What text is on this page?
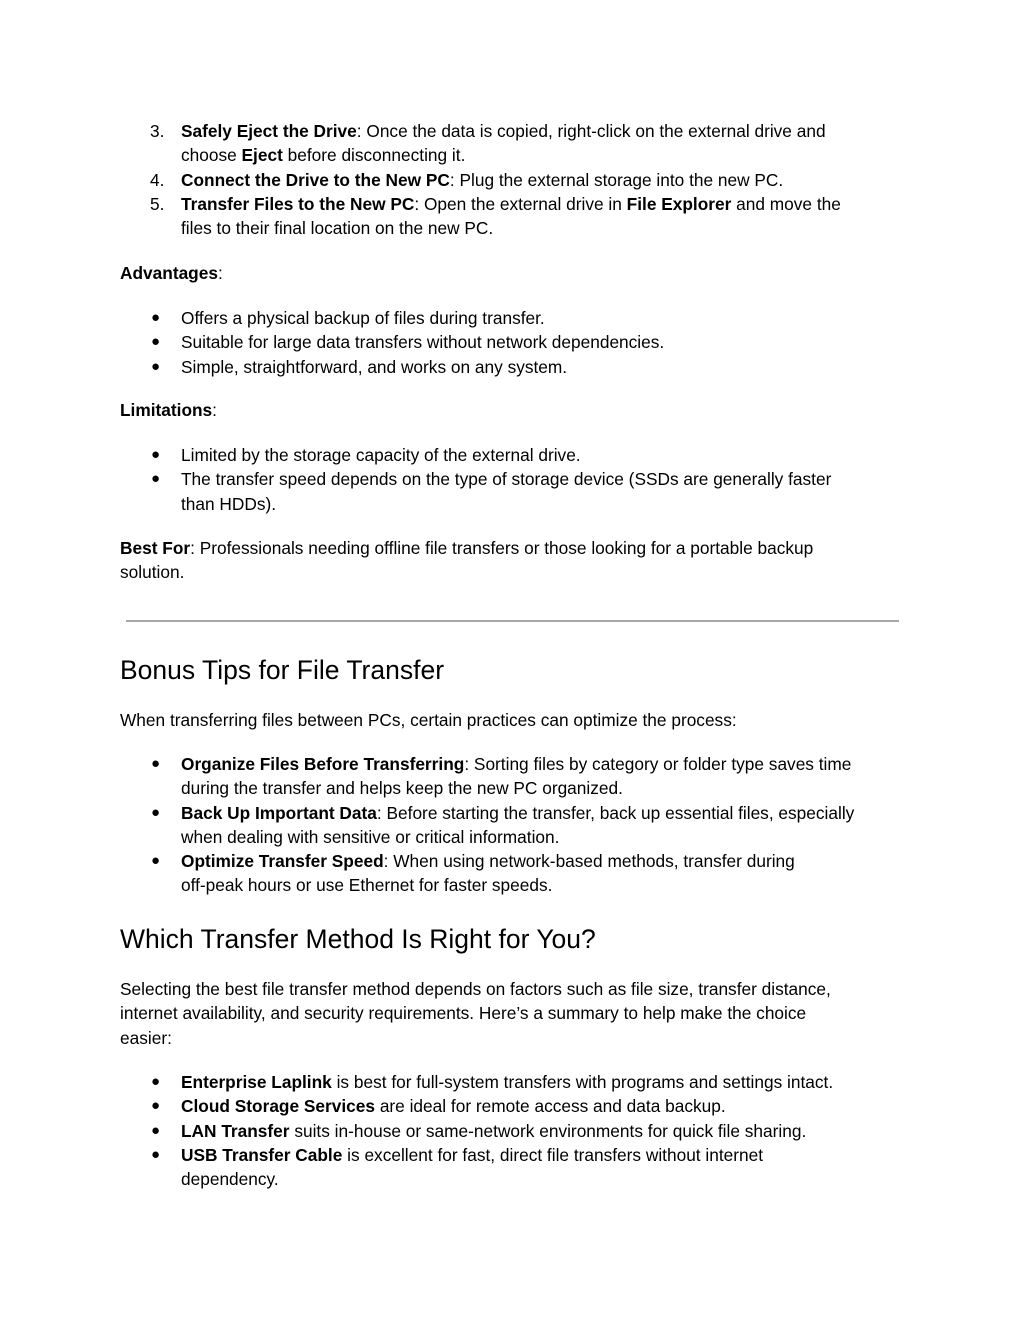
3. Safely Eject the Drive: Once the data is copied, right-click on the external drive and
choose Eject before disconnecting it.
4. Connect the Drive to the New PC: Plug the external storage into the new PC.
5. Transfer Files to the New PC: Open the external drive in File Explorer and move the
files to their final location on the new PC.
Advantages:
● Offers a physical backup of files during transfer.
● Suitable for large data transfers without network dependencies.
● Simple, straightforward, and works on any system.
Limitations:
● Limited by the storage capacity of the external drive.
● The transfer speed depends on the type of storage device (SSDs are generally faster
than HDDs).
Best For: Professionals needing offline file transfers or those looking for a portable backup
solution.
Bonus Tips for File Transfer
When transferring files between PCs, certain practices can optimize the process:
● Organize Files Before Transferring: Sorting files by category or folder type saves time
during the transfer and helps keep the new PC organized.
● Back Up Important Data: Before starting the transfer, back up essential files, especially
when dealing with sensitive or critical information.
● Optimize Transfer Speed: When using network-based methods, transfer during
off-peak hours or use Ethernet for faster speeds.
Which Transfer Method Is Right for You?
Selecting the best file transfer method depends on factors such as file size, transfer distance,
internet availability, and security requirements. Here’s a summary to help make the choice
easier:
● Enterprise Laplink is best for full-system transfers with programs and settings intact.
● Cloud Storage Services are ideal for remote access and data backup.
● LAN Transfer suits in-house or same-network environments for quick file sharing.
● USB Transfer Cable is excellent for fast, direct file transfers without internet
dependency.
